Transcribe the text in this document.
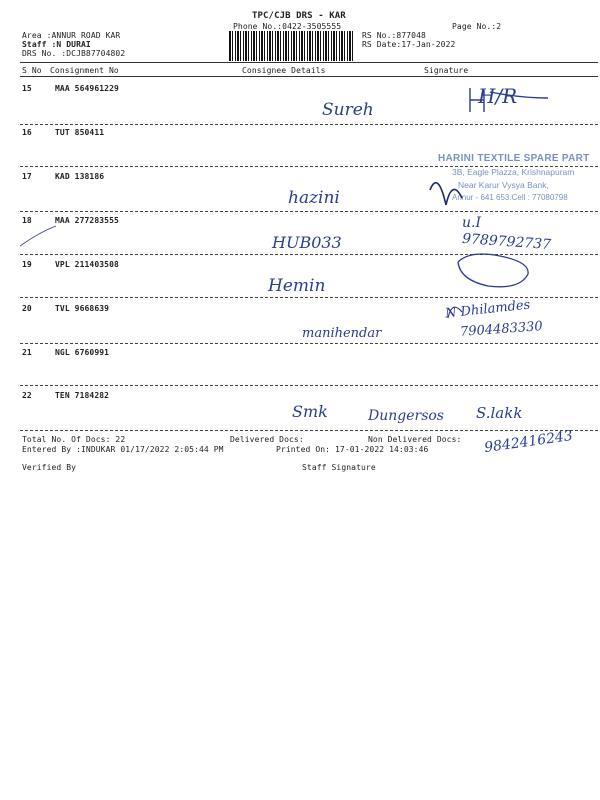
TPC/CJB DRS - KAR
Phone No.:0422-3505555	Page No.:2
Area :ANNUR ROAD KAR
Staff :N DURAI
DRS No. :DCJB87704802
RS No.:877048
RS Date:17-Jan-2022
S No Consignment No	Consignee Details	Signature
15	MAA 564961229
16	TUT 850411
17	KAD 138186
18	MAA 277283555
19	VPL 211403508
20	TVL 9668639
21	NGL 6760991
22	TEN 7184282
Total No. Of Docs: 22	Delivered Docs:	Non Delivered Docs:
Entered By :INDUKAR 01/17/2022 2:05:44 PM	Printed On: 17-01-2022 14:03:46
Verified By	Staff Signature
HARINI TEXTILE SPARE PART
3B, Eagle Plazza, Krishnapuram
Near Karur Vysya Bank,
Annur - 641 653.Cell : 77080798
Sureh
H/R
hazini
u.I
9789792737
HUB033
Hemin
N Dhilamdes
7904483330
manihendar
Smk	Dungersos S.lakk
9842416243
